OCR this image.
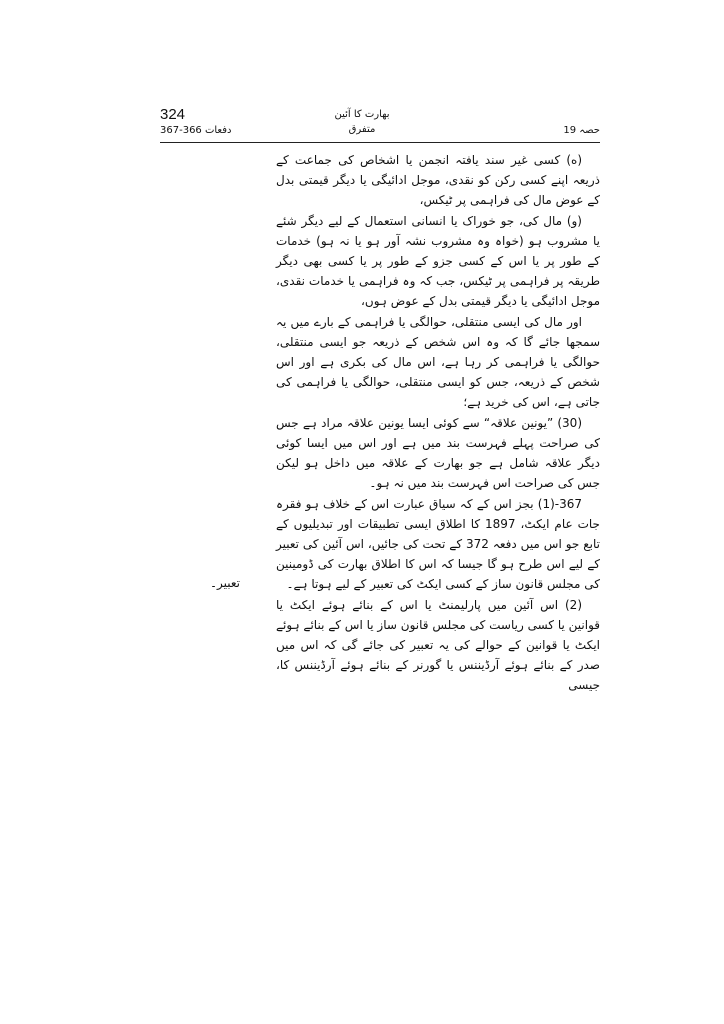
324	بھارت کا آئین
متفرق
دفعات 366-367	حصہ 19
تعبیر۔

(ه) کسی غیر سند یافتہ انجمن یا اشخاص کی جماعت کے ذریعہ اپنے کسی رکن کو نقدی، موجل ادائیگی یا دیگر قیمتی بدل کے عوض مال کی فراہمی پر ٹیکس،

(و) مال کی، جو خوراک یا انسانی استعمال کے لیے دیگر شئے یا مشروب ہو (خواہ وہ مشروب نشہ آور ہو یا نہ ہو) خدمات کے طور پر یا اس کے کسی جزو کے طور پر یا کسی بھی دیگر طریقہ پر فراہمی پر ٹیکس، جب کہ وہ فراہمی یا خدمات نقدی، موجل ادائیگی یا دیگر قیمتی بدل کے عوض ہوں،

اور مال کی ایسی منتقلی، حوالگی یا فراہمی کے بارے میں یہ سمجھا جائے گا کہ وہ اس شخص کے ذریعہ جو ایسی منتقلی، حوالگی یا فراہمی کر رہا ہے، اس مال کی بکری ہے اور اس شخص کے ذریعہ، جس کو ایسی منتقلی، حوالگی یا فراہمی کی جاتی ہے، اس کی خرید ہے؛

(30) ”یونین علاقہ“ سے کوئی ایسا یونین علاقہ مراد ہے جس کی صراحت پہلے فہرست بند میں ہے اور اس میں ایسا کوئی دیگر علاقہ شامل ہے جو بھارت کے علاقہ میں داخل ہو لیکن جس کی صراحت اس فہرست بند میں نہ ہو۔

367-(1) بجز اس کے کہ سیاق عبارت اس کے خلاف ہو فقرہ جات عام ایکٹ، 1897 کا اطلاق ایسی تطبیقات اور تبدیلیوں کے تابع جو اس میں دفعہ 372 کے تحت کی جائیں، اس آئین کی تعبیر کے لیے اس طرح ہو گا جیسا کہ اس کا اطلاق بھارت کی ڈومینین کی مجلس قانون ساز کے کسی ایکٹ کی تعبیر کے لیے ہوتا ہے۔

(2) اس آئین میں پارلیمنٹ یا اس کے بنائے ہوئے ایکٹ یا قوانین یا کسی ریاست کی مجلس قانون ساز یا اس کے بنائے ہوئے ایکٹ یا قوانین کے حوالے کی یہ تعبیر کی جائے گی کہ اس میں صدر کے بنائے ہوئے آرڈیننس یا گورنر کے بنائے ہوئے آرڈیننس کا، جیسی
